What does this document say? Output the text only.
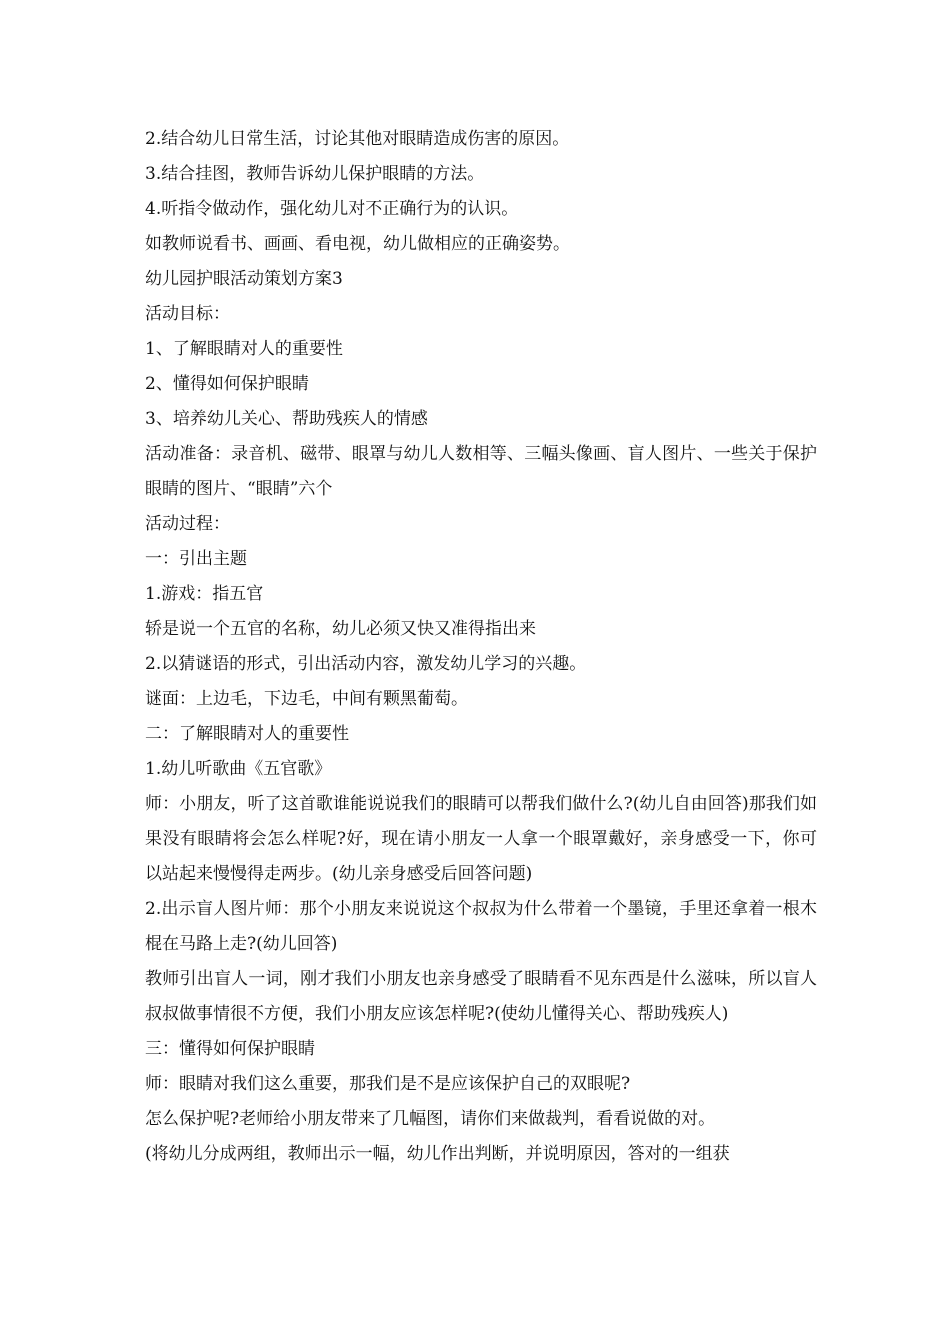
2.结合幼儿日常生活，讨论其他对眼睛造成伤害的原因。

3.结合挂图，教师告诉幼儿保护眼睛的方法。

4.听指令做动作，强化幼儿对不正确行为的认识。

如教师说看书、画画、看电视，幼儿做相应的正确姿势。

幼儿园护眼活动策划方案3

活动目标：

1、了解眼睛对人的重要性

2、懂得如何保护眼睛

3、培养幼儿关心、帮助残疾人的情感

活动准备：录音机、磁带、眼罩与幼儿人数相等、三幅头像画、盲人图片、一些关于保护眼睛的图片、“眼睛”六个

活动过程：

一：引出主题

1.游戏：指五官

轿是说一个五官的名称，幼儿必须又快又准得指出来

2.以猜谜语的形式，引出活动内容，激发幼儿学习的兴趣。

谜面：上边毛，下边毛，中间有颗黑葡萄。

二：了解眼睛对人的重要性

1.幼儿听歌曲《五官歌》

师：小朋友，听了这首歌谁能说说我们的眼睛可以帮我们做什么?(幼儿自由回答)那我们如果没有眼睛将会怎么样呢?好，现在请小朋友一人拿一个眼罩戴好，亲身感受一下，你可以站起来慢慢得走两步。(幼儿亲身感受后回答问题)

2.出示盲人图片师：那个小朋友来说说这个叔叔为什么带着一个墨镜，手里还拿着一根木棍在马路上走?(幼儿回答)

教师引出盲人一词，刚才我们小朋友也亲身感受了眼睛看不见东西是什么滋味，所以盲人叔叔做事情很不方便，我们小朋友应该怎样呢?(使幼儿懂得关心、帮助残疾人)

三：懂得如何保护眼睛

师：眼睛对我们这么重要，那我们是不是应该保护自己的双眼呢?

怎么保护呢?老师给小朋友带来了几幅图，请你们来做裁判，看看说做的对。

(将幼儿分成两组，教师出示一幅，幼儿作出判断，并说明原因，答对的一组获
